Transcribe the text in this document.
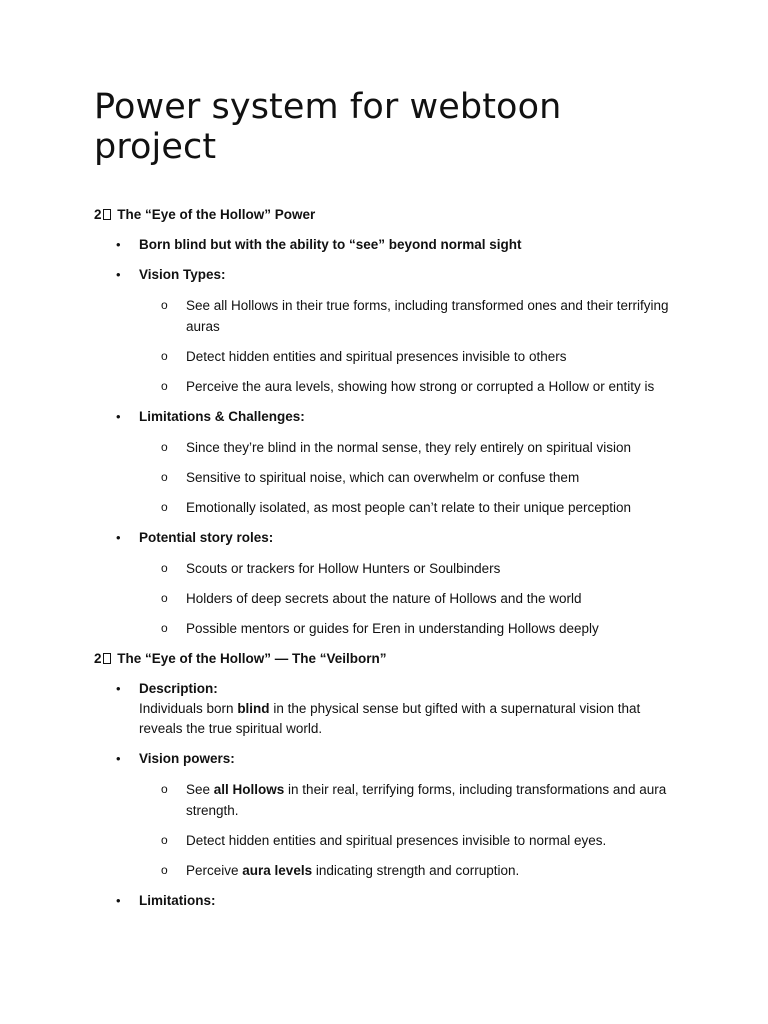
Power system for webtoon project
2 The “Eye of the Hollow” Power
• Born blind but with the ability to “see” beyond normal sight
• Vision Types:
o See all Hollows in their true forms, including transformed ones and their terrifying auras
o Detect hidden entities and spiritual presences invisible to others
o Perceive the aura levels, showing how strong or corrupted a Hollow or entity is
• Limitations & Challenges:
o Since they’re blind in the normal sense, they rely entirely on spiritual vision
o Sensitive to spiritual noise, which can overwhelm or confuse them
o Emotionally isolated, as most people can’t relate to their unique perception
• Potential story roles:
o Scouts or trackers for Hollow Hunters or Soulbinders
o Holders of deep secrets about the nature of Hollows and the world
o Possible mentors or guides for Eren in understanding Hollows deeply
2 The “Eye of the Hollow” — The “Veilborn”
• Description:
Individuals born blind in the physical sense but gifted with a supernatural vision that reveals the true spiritual world.
• Vision powers:
o See all Hollows in their real, terrifying forms, including transformations and aura strength.
o Detect hidden entities and spiritual presences invisible to normal eyes.
o Perceive aura levels indicating strength and corruption.
• Limitations:
